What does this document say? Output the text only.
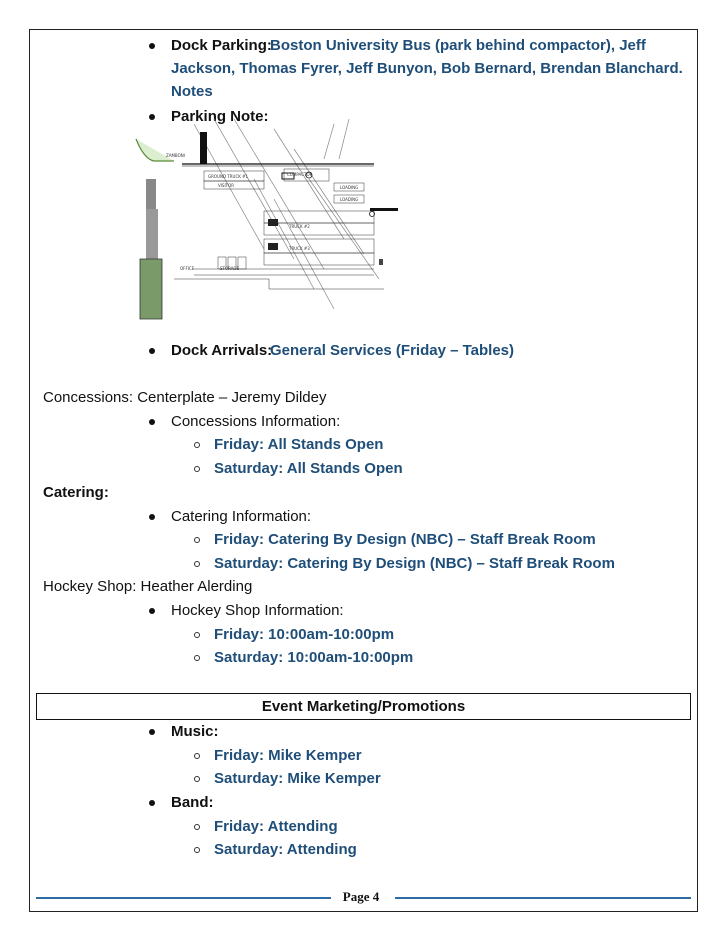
Dock Parking:
Boston University Bus (park behind compactor), Jeff
Jackson, Thomas Fyrer, Jeff Bunyon, Bob Bernard, Brendan Blanchard.
Notes
Parking Note:
ZAMBONI
GROUND TRUCK #1
VISITOR
COMPACTOR
LOADING
LOADING
TRUCK #2
TRUCK #3
OFFICE	STORAGE
Dock Arrivals:
General Services (Friday – Tables)
Concessions: Centerplate – Jeremy Dildey
Concessions Information:
Friday: All Stands Open
Saturday: All Stands Open
Catering:
Catering Information:
Friday: Catering By Design (NBC) – Staff Break Room
Saturday: Catering By Design (NBC) – Staff Break Room
Hockey Shop: Heather Alerding
Hockey Shop Information:
Friday: 10:00am-10:00pm
Saturday: 10:00am-10:00pm
Event Marketing/Promotions
Music:
Friday: Mike Kemper
Saturday: Mike Kemper
Band:
Friday: Attending
Saturday: Attending
Page 4
